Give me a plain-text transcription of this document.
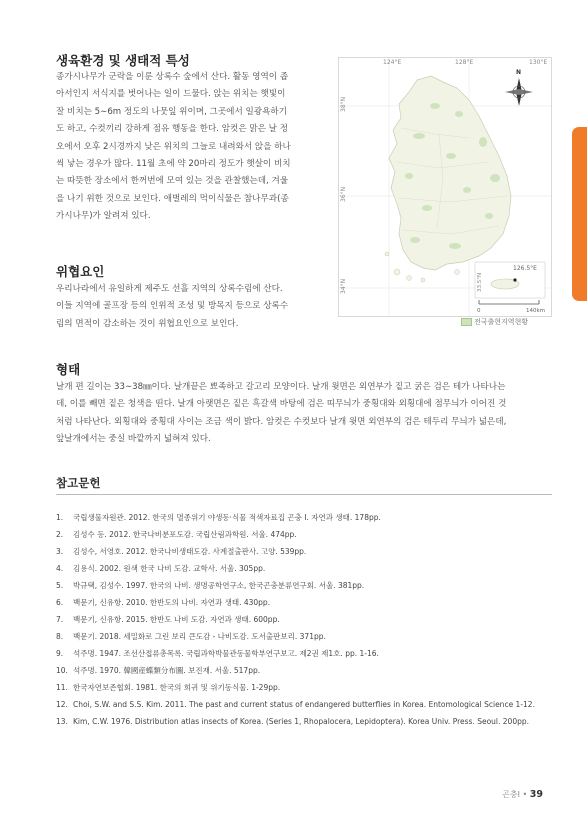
생육환경 및 생태적 특성
종가시나무가 군락을 이룬 상록수 숲에서 산다. 활동 영역이 좁
아서인지 서식지를 벗어나는 일이 드물다. 앉는 위치는 햇빛이
잘 비치는 5∼6m 정도의 나뭇잎 위이며, 그곳에서 일광욕하기
도 하고, 수컷끼리 강하게 점유 행동을 한다. 암컷은 맑은 날 정
오에서 오후 2시경까지 낮은 위치의 그늘로 내려와서 앉을 하나
씩 낳는 경우가 많다. 11월 초에 약 20마리 정도가 햇살이 비치
는 따뜻한 장소에서 한꺼번에 모여 있는 것을 관찰했는데, 겨울
을 나기 위한 것으로 보인다. 애벌레의 먹이식물은 참나무과(종
가시나무)가 알려져 있다.
위협요인
우리나라에서 유일하게 제주도 선흘 지역의 상록수림에 산다.
이들 지역에 골프장 등의 인위적 조성 및 방목지 등으로 상록수
림의 면적이 감소하는 것이 위협요인으로 보인다.
124°E	128°E	130°E
38°N
36°N
34°N	33.5°N
126.5°E
N
0	140km
전국출현지역현황
형태
날개 편 길이는 33∼38㎜이다. 날개끝은 뾰족하고 갈고리 모양이다. 날개 윗면은 외연부가 짙고 굵은 검은 테가 나타나는
데, 이를 빼면 짙은 청색을 띤다. 날개 아랫면은 짙은 흑갈색 바탕에 검은 띠무늬가 중횡대와 외횡대에 점무늬가 이어진 것
처럼 나타난다. 외횡대와 중횡대 사이는 조금 색이 밝다. 암컷은 수컷보다 날개 윗면 외연부의 검은 테두리 무늬가 넓은데,
앞날개에서는 중실 바깥까지 넓혀져 있다.
참고문헌
1. 국립생물자원관. 2012. 한국의 멸종위기 야생동·식물 적색자료집 곤충 I. 자연과 생태. 178pp.
2. 김성수 등. 2012. 한국나비분포도감. 국립산림과학원. 서울. 474pp.
3. 김성수, 서영호. 2012. 한국나비생태도감. 사계절출판사. 고양. 539pp.
4. 김용식. 2002. 원색 한국 나비 도감. 교학사. 서울. 305pp.
5. 박규택, 김성수. 1997. 한국의 나비. 생명공학연구소, 한국곤충분류연구회. 서울. 381pp.
6. 백문기, 신유항. 2010. 한반도의 나비. 자연과 생태. 430pp.
7. 백문기, 신유항. 2015. 한반도 나비 도감. 자연과 생태. 600pp.
8. 백문기. 2018. 세밀화로 그린 보리 큰도감 - 나비도감. 도서출판보리. 371pp.
9. 석주명. 1947. 조선산접류총목록. 국립과학박물관동물학부연구보고. 제2권 제1호. pp. 1-16.
10. 석주명. 1970. 韓國産蝶類分布圖. 보진재. 서울. 517pp.
11. 한국자연보존협회. 1981. 한국의 희귀 및 위기동식물. 1-29pp.
12. Choi, S.W. and S.S. Kim. 2011. The past and current status of endangered butterflies in Korea. Entomological Science 1-12.
13. Kim, C.W. 1976. Distribution atlas insects of Korea. (Series 1, Rhopalocera, Lepidoptera). Korea Univ. Press. Seoul. 200pp.
곤충Ⅰ • 39
